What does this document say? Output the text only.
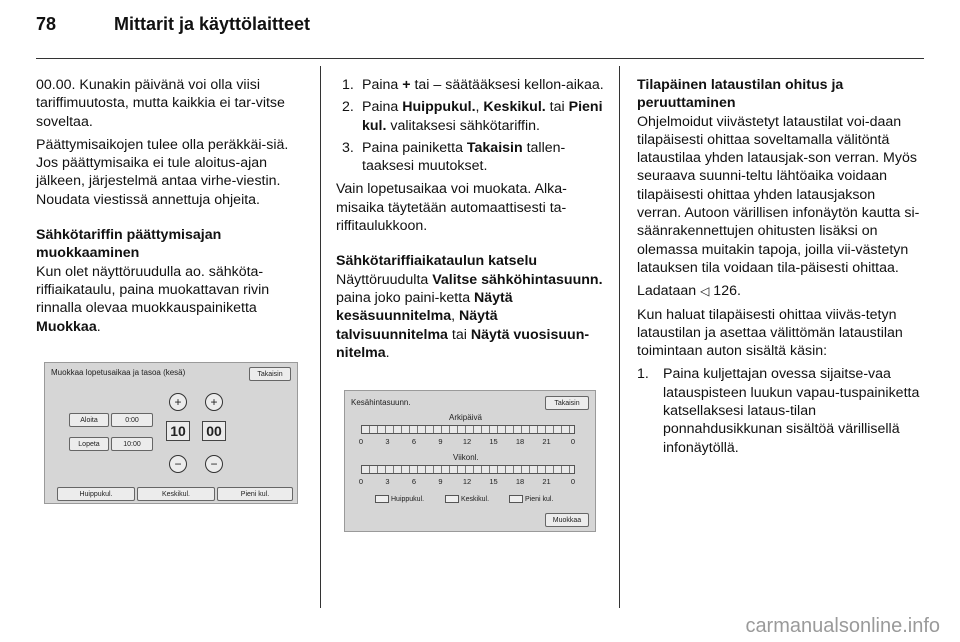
78	Mittarit ja käyttölaitteet

00.00. Kunakin päivänä voi olla viisi tariffimuutosta, mutta kaikkia ei tar-vitse soveltaa.

Päättymisaikojen tulee olla peräkkäi-siä. Jos päättymisaika ei tule aloitus-ajan jälkeen, järjestelmä antaa virhe-viestin. Noudata viestissä annettuja ohjeita.

Sähkötariffin päättymisajan muokkaaminen

Kun olet näyttöruudulla ao. sähköta-riffiaikataulu, paina muokattavan rivin rinnalla olevaa muokkauspainiketta Muokkaa.

Muokkaa lopetusaikaa ja tasoa (kesä)	Takaisin
Aloita	0:00
Lopeta	10:00
+
10
−
+
00
−
Huippukul.	Keskikul.	Pieni kul.
1. Paina + tai – säätääksesi kellon-aikaa.
2. Paina Huippukul., Keskikul. tai Pieni kul. valitaksesi sähkötariffin.
3. Paina painiketta Takaisin tallen-taaksesi muutokset.

Vain lopetusaikaa voi muokata. Alka-misaika täytetään automaattisesti ta-riffitaulukkoon.

Sähkötariffiaikataulun katselu

Näyttöruudulta Valitse sähköhintasuunn. paina joko paini-ketta Näytä kesäsuunnitelma, Näytä talvisuunnitelma tai Näytä vuosisuun-nitelma.

Kesähintasuunn.	Takaisin
Arkipäivä
0	3	6	9	12 15 18 21	0
Viikonl.
0	3	6	9	12 15 18 21	0
Huippukul.	Keskikul.	Pieni kul.
Muokkaa
Tilapäinen lataustilan ohitus ja peruuttaminen

Ohjelmoidut viivästetyt lataustilat voi-daan tilapäisesti ohittaa soveltamalla välitöntä lataustilaa yhden latausjak-son verran. Myös seuraava suunni-teltu lähtöaika voidaan tilapäisesti ohittaa yhden latausjakson verran. Autoon värillisen infonäytön kautta si-säänrakennettujen ohitusten lisäksi on olemassa muitakin tapoja, joilla vii-västetyn latauksen tila voidaan tila-päisesti ohittaa.

Ladataan ◁ 126.

Kun haluat tilapäisesti ohittaa viiväs-tetyn lataustilan ja asettaa välittömän lataustilan toimintaan auton sisältä käsin:

1. Paina kuljettajan ovessa sijaitse-vaa latauspisteen luukun vapau-tuspainiketta katsellaksesi lataus-tilan ponnahdusikkunan sisältöä värillisellä infonäytöllä.
carmanualsonline.info
